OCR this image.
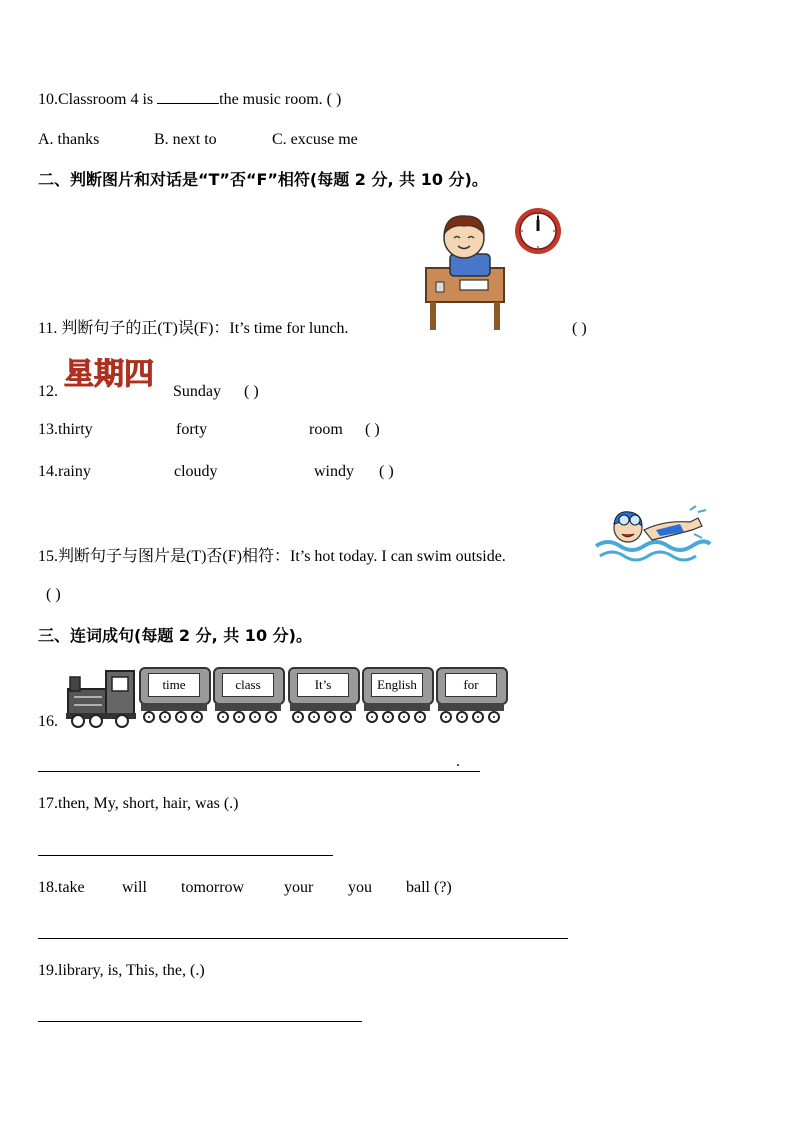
10.Classroom 4 is	the music room. ( )
A. thanks	B. next to	C. excuse me
二、判断图片和对话是“T”否“F”相符(每题 2 分, 共 10 分)。
11. 判断句子的正(T)误(F)：It’s time for lunch.	( )
12. 星期四 Sunday ( )
13.thirty	forty	room ( )
14.rainy	cloudy	windy ( )
15.判断句子与图片是(T)否(F)相符：It’s hot today. I can swim outside.
( )
三、连词成句(每题 2 分, 共 10 分)。
16.
time	class	It’s	English	for
.
17.then, My, short, hair, was (.)
18.take will tomorrow your you ball (?)
19.library, is, This, the, (.)
